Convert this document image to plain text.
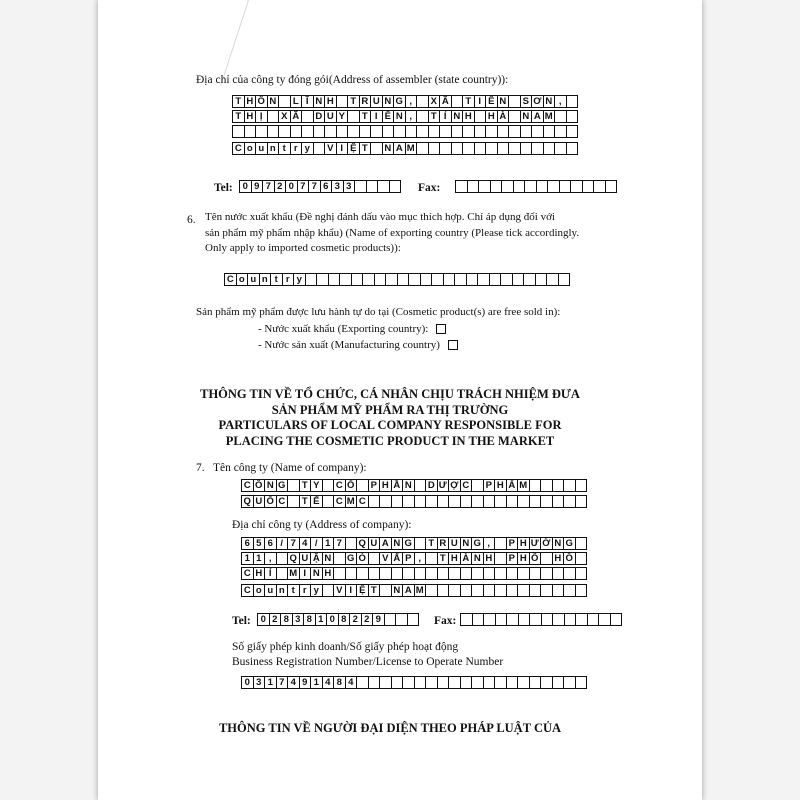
Địa chỉ của công ty đóng gói(Address of assembler (state country)):
T H Ô N	L Ĩ N H	T R U N G ,	X Ã	T I Ê N	S Ơ N ,
T H Ị	X Ã D U Y	T I Ê N ,	T Ỉ N H H À N A M
C o u n t r y	V I Ệ T	N A M
Tel:	0 9 7 2 0 7 7 6 3 3	Fax:
6. Tên nước xuất khẩu (Đề nghị đánh dấu vào mục thích hợp. Chỉ áp dụng đối với
sản phẩm mỹ phẩm nhập khẩu) (Name of exporting country (Please tick accordingly.
Only apply to imported cosmetic products)):
C o u n t r y
Sản phẩm mỹ phẩm được lưu hành tự do tại (Cosmetic product(s) are free sold in):
- Nước xuất khẩu (Exporting country):
- Nước sản xuất (Manufacturing country)
THÔNG TIN VỀ TỔ CHỨC, CÁ NHÂN CHỊU TRÁCH NHIỆM ĐƯA
SẢN PHẨM MỸ PHẨM RA THỊ TRƯỜNG
PARTICULARS OF LOCAL COMPANY RESPONSIBLE FOR
PLACING THE COSMETIC PRODUCT IN THE MARKET
7. Tên công ty (Name of company):
C Ô N G	T Y	C Ổ	P H Ầ N D Ư Ợ C	P H Ẩ M
Q U Ố C	T Ế	C M C
Địa chỉ công ty (Address of company):
6 5 6 / 7 4 / 1 7	Q U A N G	T R U N G ,	P H Ư Ờ N G
1 1 ,	Q U Ậ N G Ò	V Ấ P ,	T H À N H	P H Ố H Ồ
C H Í	M I N H
C o u n t r y	V I Ệ T	N A M
Tel:	0 2 8 3 8 1 0 8 2 2 9	Fax:
Số giấy phép kinh doanh/Số giấy phép hoạt động
Business Registration Number/License to Operate Number
0 3 1 7 4 9 1 4 8 4
THÔNG TIN VỀ NGƯỜI ĐẠI DIỆN THEO PHÁP LUẬT CỦA
